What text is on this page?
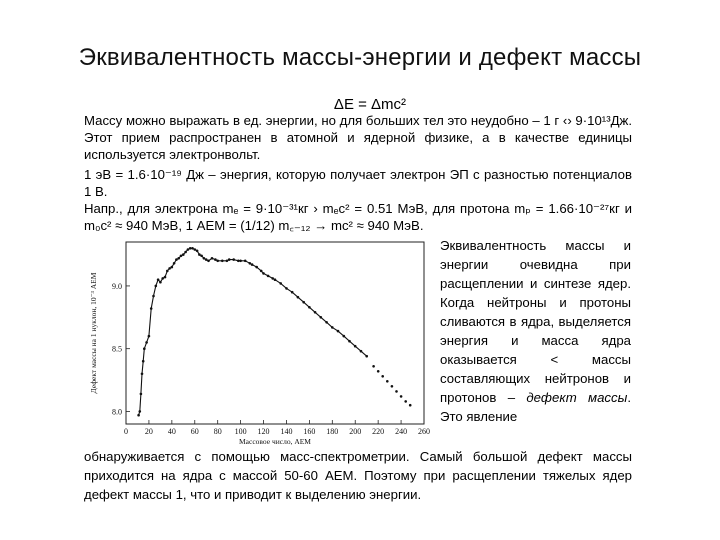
Эквивалентность массы-энергии и дефект массы
ΔE = Δmc²
Массу можно выражать в ед. энергии, но для больших тел это неудобно – 1 г ‹› 9·10¹³Дж. Этот прием распространен в атомной и ядерной физике, а в качестве единицы используется электронвольт.
1 эВ = 1.6·10⁻¹⁹ Дж – энергия, которую получает электрон ЭП с разностью потенциалов 1 В.
Напр., для электрона mₑ = 9·10⁻³¹кг › mₑc² = 0.51 МэВ, для протона mₚ = 1.66·10⁻²⁷кг и m₀c² ≈ 940 МэВ, 1 АЕМ = (1/12) m꜀₋₁₂ → mc² ≈ 940 МэВ.
0 20 40 60 80 100 120 140 160 180 200 220 240 260
8.0
8.5
9.0
Массовое число, АЕМ
Дефект массы на 1 нуклон, 10⁻³ АЕМ
Эквивалентность массы и энергии очевидна при расщеплении и синтезе ядер. Когда нейтроны и протоны сливаются в ядра, выделяется энергия и масса ядра оказывается < массы составляющих нейтронов и протонов – дефект массы. Это явление
обнаруживается с помощью масс-спектрометрии. Самый большой дефект массы приходится на ядра с массой 50-60 АЕМ. Поэтому при расщеплении тяжелых ядер дефект массы 1, что и приводит к выделению энергии.
